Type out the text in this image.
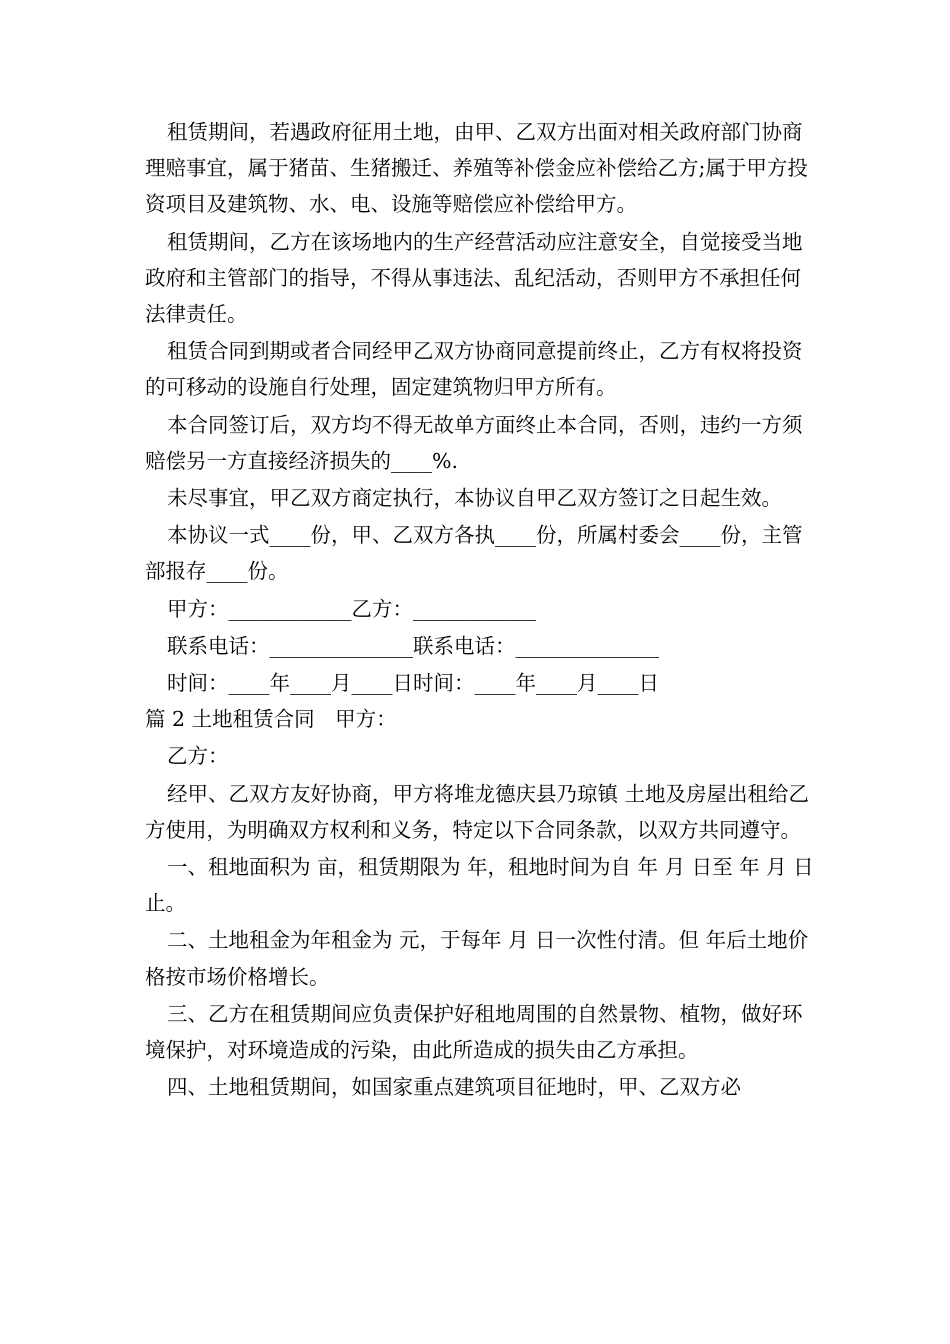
租赁期间，若遇政府征用土地，由甲、乙双方出面对相关政府部门协商理赔事宜，属于猪苗、生猪搬迁、养殖等补偿金应补偿给乙方;属于甲方投资项目及建筑物、水、电、设施等赔偿应补偿给甲方。

租赁期间，乙方在该场地内的生产经营活动应注意安全，自觉接受当地政府和主管部门的指导，不得从事违法、乱纪活动，否则甲方不承担任何法律责任。

租赁合同到期或者合同经甲乙双方协商同意提前终止，乙方有权将投资的可移动的设施自行处理，固定建筑物归甲方所有。

本合同签订后，双方均不得无故单方面终止本合同，否则，违约一方须赔偿另一方直接经济损失的____%.

未尽事宜，甲乙双方商定执行，本协议自甲乙双方签订之日起生效。

本协议一式____份，甲、乙双方各执____份，所属村委会____份，主管部报存____份。

甲方：____________乙方：____________

联系电话：______________联系电话：______________

时间：____年____月____日时间：____年____月____日

篇 2 土地租赁合同　甲方：

乙方：

经甲、乙双方友好协商，甲方将堆龙德庆县乃琼镇 土地及房屋出租给乙方使用，为明确双方权利和义务，特定以下合同条款，以双方共同遵守。

一、租地面积为 亩，租赁期限为 年，租地时间为自 年 月 日至 年 月 日止。

二、土地租金为年租金为 元，于每年 月 日一次性付清。但 年后土地价格按市场价格增长。

三、乙方在租赁期间应负责保护好租地周围的自然景物、植物，做好环境保护，对环境造成的污染，由此所造成的损失由乙方承担。

四、土地租赁期间，如国家重点建筑项目征地时，甲、乙双方必
